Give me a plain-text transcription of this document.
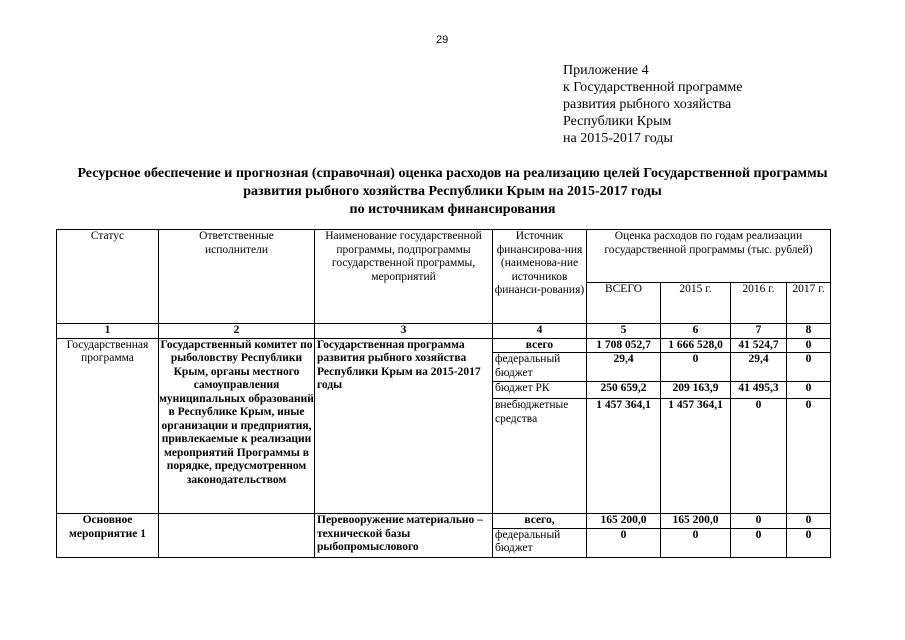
29
Приложение 4
к Государственной программе
развития рыбного хозяйства
Республики Крым
на 2015-2017 годы
Ресурсное обеспечение и прогнозная (справочная) оценка расходов на реализацию целей Государственной программы
развития рыбного хозяйства Республики Крым на 2015-2017 годы
по источникам финансирования
Статус	Ответственные исполнители	Наименование государственной программы, подпрограммы государственной программы, мероприятий	Источник финансирова-ния (наименова-ние источников финанси-рования)	Оценка расходов по годам реализации государственной программы (тыс. рублей)			
				ВСЕГО	2015 г.	2016 г.	2017 г.
1	2	3	4	5	6	7	8
Государственная программа	Государственный комитет по рыболовству Республики Крым, органы местного самоуправления муниципальных образований в Республике Крым, иные организации и предприятия, привлекаемые к реализации мероприятий Программы в порядке, предусмотренном законодательством	Государственная программа развития рыбного хозяйства Республики Крым на 2015-2017 годы	всего	1 708 052,7	1 666 528,0	41 524,7	0
			федеральный бюджет	29,4	0	29,4	0
			бюджет РК	250 659,2	209 163,9	41 495,3	0
			внебюджетные средства	1 457 364,1	1 457 364,1	0	0
Основное мероприятие 1		Перевооружение материально – технической базы рыбопромыслового	всего,	165 200,0	165 200,0	0	0
			федеральный бюджет	0	0	0	0
